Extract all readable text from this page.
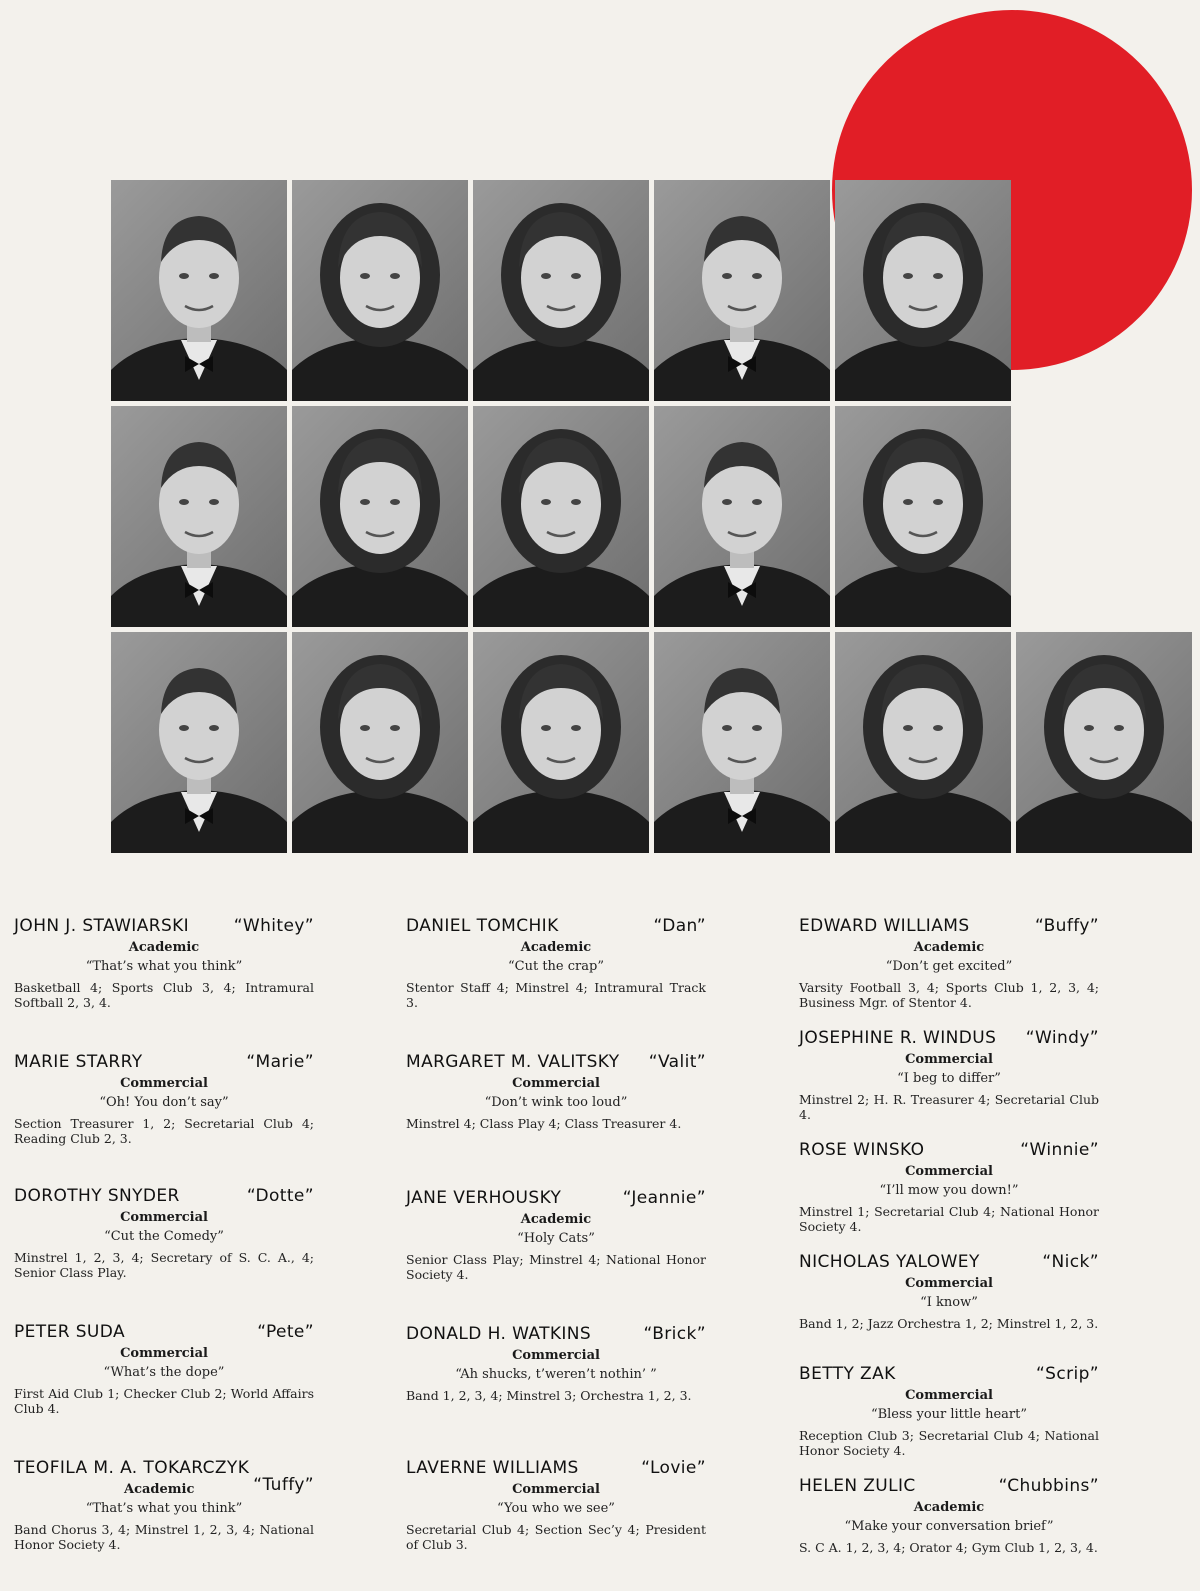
JOHN J. STAWIARSKI	“Whitey”
Academic
“That’s what you think”
Basketball 4; Sports Club 3, 4; Intramural Softball 2, 3, 4.
MARIE STARRY	“Marie”
Commercial
“Oh! You don’t say”
Section Treasurer 1, 2; Secretarial Club 4; Reading Club 2, 3.
DOROTHY SNYDER	“Dotte”
Commercial
“Cut the Comedy”
Minstrel 1, 2, 3, 4; Secretary of S. C. A., 4; Senior Class Play.
PETER SUDA	“Pete”
Commercial
“What’s the dope”
First Aid Club 1; Checker Club 2; World Affairs Club 4.
TEOFILA M. A. TOKARCZYK
Academic	“Tuffy”
“That’s what you think”
Band Chorus 3, 4; Minstrel 1, 2, 3, 4; National Honor Society 4.
DANIEL TOMCHIK	“Dan”
Academic
“Cut the crap”
Stentor Staff 4; Minstrel 4; Intramural Track 3.
MARGARET M. VALITSKY	“Valit”
Commercial
“Don’t wink too loud”
Minstrel 4; Class Play 4; Class Treasurer 4.
JANE VERHOUSKY	“Jeannie”
Academic
“Holy Cats”
Senior Class Play; Minstrel 4; National Honor Society 4.
DONALD H. WATKINS	“Brick”
Commercial
“Ah shucks, t’weren’t nothin’ ”
Band 1, 2, 3, 4; Minstrel 3; Orchestra 1, 2, 3.
LAVERNE WILLIAMS	“Lovie”
Commercial
“You who we see”
Secretarial Club 4; Section Sec’y 4; President of Club 3.
EDWARD WILLIAMS	“Buffy”
Academic
“Don’t get excited”
Varsity Football 3, 4; Sports Club 1, 2, 3, 4; Business Mgr. of Stentor 4.
JOSEPHINE R. WINDUS	“Windy”
Commercial
“I beg to differ”
Minstrel 2; H. R. Treasurer 4; Secretarial Club 4.
ROSE WINSKO	“Winnie”
Commercial
“I’ll mow you down!”
Minstrel 1; Secretarial Club 4; National Honor Society 4.
NICHOLAS YALOWEY	“Nick”
Commercial
“I know”
Band 1, 2; Jazz Orchestra 1, 2; Minstrel 1, 2, 3.
BETTY ZAK	“Scrip”
Commercial
“Bless your little heart”
Reception Club 3; Secretarial Club 4; National Honor Society 4.
HELEN ZULIC	“Chubbins”
Academic
“Make your conversation brief”
S. C A. 1, 2, 3, 4; Orator 4; Gym Club 1, 2, 3, 4.
